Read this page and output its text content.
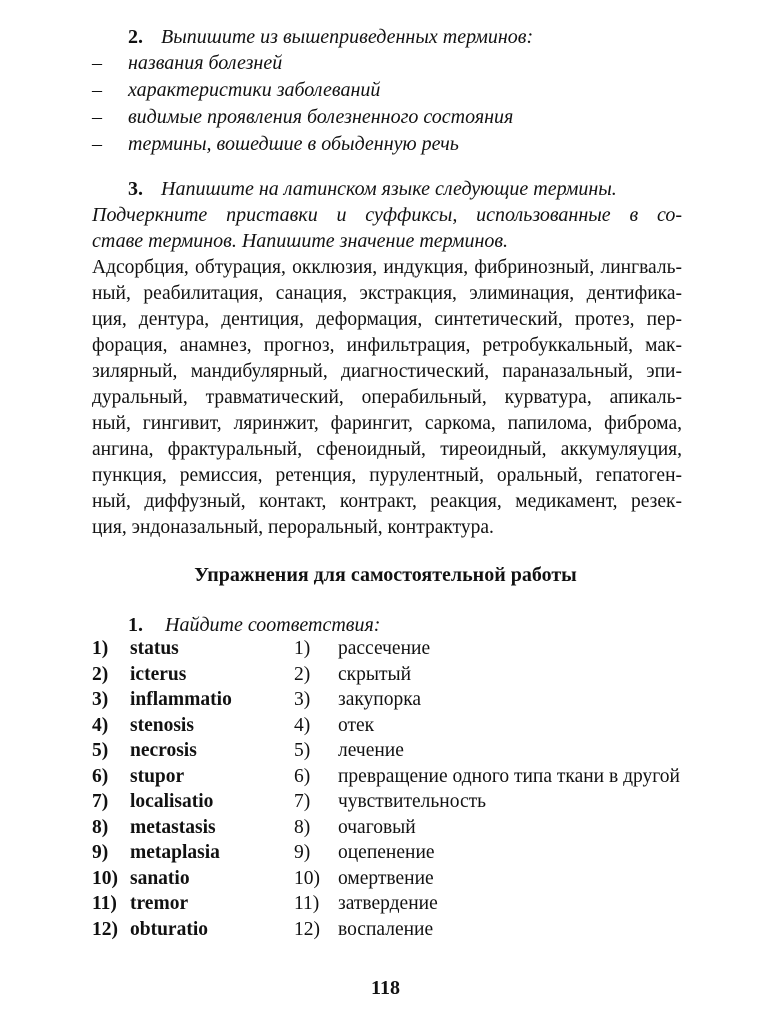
2. Выпишите из вышеприведенных терминов:
–	названия болезней
–	характеристики заболеваний
–	видимые проявления болезненного состояния
–	термины, вошедшие в обыденную речь
3. Напишите на латинском языке следующие термины.
Подчеркните приставки и суффиксы, использованные в со-
ставе терминов. Напишите значение терминов.
Адсорбция, обтурация, окклюзия, индукция, фибринозный, лингваль-
ный, реабилитация, санация, экстракция, элиминация, дентифика-
ция, дентура, дентиция, деформация, синтетический, протез, пер-
форация, анамнез, прогноз, инфильтрация, ретробуккальный, мак-
зилярный, мандибулярный, диагностический, параназальный, эпи-
дуральный, травматический, операбильный, курватура, апикаль-
ный, гингивит, ляринжит, фарингит, саркома, папилома, фиброма,
ангина, фрактуральный, сфеноидный, тиреоидный, аккумуляуция,
пункция, ремиссия, ретенция, пурулентный, оральный, гепатоген-
ный, диффузный, контакт, контракт, реакция, медикамент, резек-
ция, эндоназальный, пероральный, контрактура.
Упражнения для самостоятельной работы
1. Найдите соответствия:
1) status	1)	рассечение
2) icterus	2)	скрытый
3) inflammatio	3)	закупорка
4) stenosis	4)	отек
5) necrosis	5)	лечение
6) stupor	6)	превращение одного типа ткани в другой
7) localisatio	7)	чувствительность
8) metastasis	8)	очаговый
9) metaplasia	9)	оцепенение
10) sanatio	10) омертвение
11) tremor	11) затвердение
12) obturatio	12) воспаление
118
